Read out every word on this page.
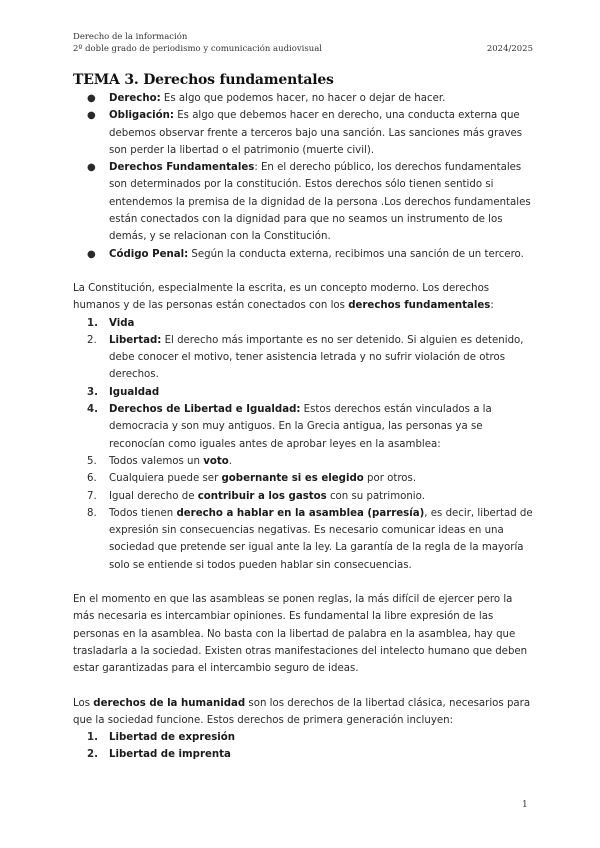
Derecho de la información
2º doble grado de periodismo y comunicación audiovisual	2024/2025
TEMA 3. Derechos fundamentales
● Derecho: Es algo que podemos hacer, no hacer o dejar de hacer.
● Obligación: Es algo que debemos hacer en derecho, una conducta externa que debemos observar frente a terceros bajo una sanción. Las sanciones más graves son perder la libertad o el patrimonio (muerte civil).
● Derechos Fundamentales: En el derecho público, los derechos fundamentales son determinados por la constitución. Estos derechos sólo tienen sentido si entendemos la premisa de la dignidad de la persona .Los derechos fundamentales están conectados con la dignidad para que no seamos un instrumento de los demás, y se relacionan con la Constitución.
● Código Penal: Según la conducta externa, recibimos una sanción de un tercero.

La Constitución, especialmente la escrita, es un concepto moderno. Los derechos humanos y de las personas están conectados con los derechos fundamentales:

1. Vida
2. Libertad: El derecho más importante es no ser detenido. Si alguien es detenido, debe conocer el motivo, tener asistencia letrada y no sufrir violación de otros derechos.
3. Igualdad
4. Derechos de Libertad e Igualdad: Estos derechos están vinculados a la democracia y son muy antiguos. En la Grecia antigua, las personas ya se reconocían como iguales antes de aprobar leyes en la asamblea:
5. Todos valemos un voto.
6. Cualquiera puede ser gobernante si es elegido por otros.
7. Igual derecho de contribuir a los gastos con su patrimonio.
8. Todos tienen derecho a hablar en la asamblea (parresía), es decir, libertad de expresión sin consecuencias negativas. Es necesario comunicar ideas en una sociedad que pretende ser igual ante la ley. La garantía de la regla de la mayoría solo se entiende si todos pueden hablar sin consecuencias.

En el momento en que las asambleas se ponen reglas, la más difícil de ejercer pero la más necesaria es intercambiar opiniones. Es fundamental la libre expresión de las personas en la asamblea. No basta con la libertad de palabra en la asamblea, hay que trasladarla a la sociedad. Existen otras manifestaciones del intelecto humano que deben estar garantizadas para el intercambio seguro de ideas.

Los derechos de la humanidad son los derechos de la libertad clásica, necesarios para que la sociedad funcione. Estos derechos de primera generación incluyen:

1. Libertad de expresión
2. Libertad de imprenta
1
